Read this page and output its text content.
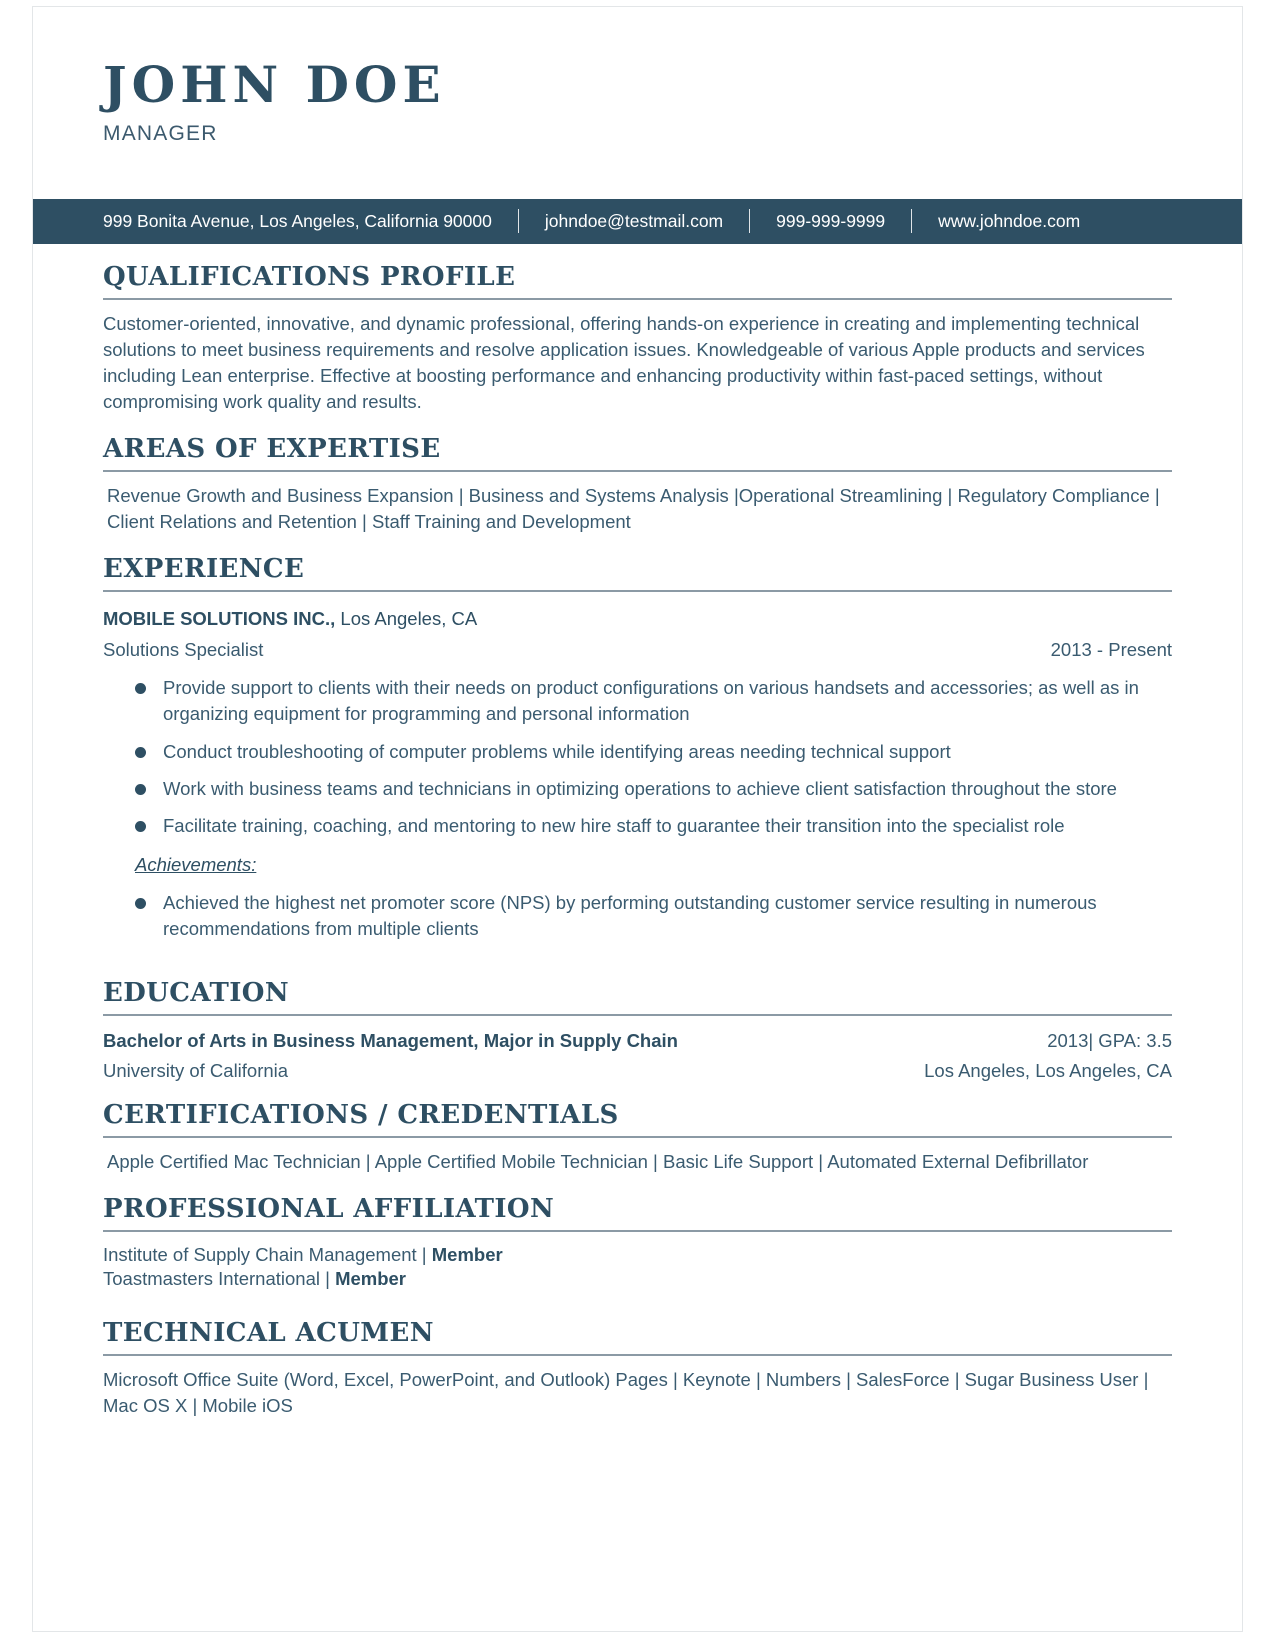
JOHN DOE
MANAGER
999 Bonita Avenue, Los Angeles, California 90000	johndoe@testmail.com	999-999-9999	www.johndoe.com
QUALIFICATIONS PROFILE
Customer-oriented, innovative, and dynamic professional, offering hands-on experience in creating and implementing technical solutions to meet business requirements and resolve application issues. Knowledgeable of various Apple products and services including Lean enterprise. Effective at boosting performance and enhancing productivity within fast-paced settings, without compromising work quality and results.
AREAS OF EXPERTISE
Revenue Growth and Business Expansion | Business and Systems Analysis |Operational Streamlining | Regulatory Compliance | Client Relations and Retention | Staff Training and Development
EXPERIENCE
MOBILE SOLUTIONS INC., Los Angeles, CA
Solutions Specialist	2013 - Present
Provide support to clients with their needs on product configurations on various handsets and accessories; as well as in organizing equipment for programming and personal information
Conduct troubleshooting of computer problems while identifying areas needing technical support
Work with business teams and technicians in optimizing operations to achieve client satisfaction throughout the store
Facilitate training, coaching, and mentoring to new hire staff to guarantee their transition into the specialist role
Achievements:
Achieved the highest net promoter score (NPS) by performing outstanding customer service resulting in numerous recommendations from multiple clients
EDUCATION
Bachelor of Arts in Business Management, Major in Supply Chain	2013| GPA: 3.5
University of California	Los Angeles, Los Angeles, CA
CERTIFICATIONS / CREDENTIALS
Apple Certified Mac Technician | Apple Certified Mobile Technician | Basic Life Support | Automated External Defibrillator
PROFESSIONAL AFFILIATION
Institute of Supply Chain Management | Member
Toastmasters International | Member
TECHNICAL ACUMEN
Microsoft Office Suite (Word, Excel, PowerPoint, and Outlook) Pages | Keynote | Numbers | SalesForce | Sugar Business User | Mac OS X | Mobile iOS
